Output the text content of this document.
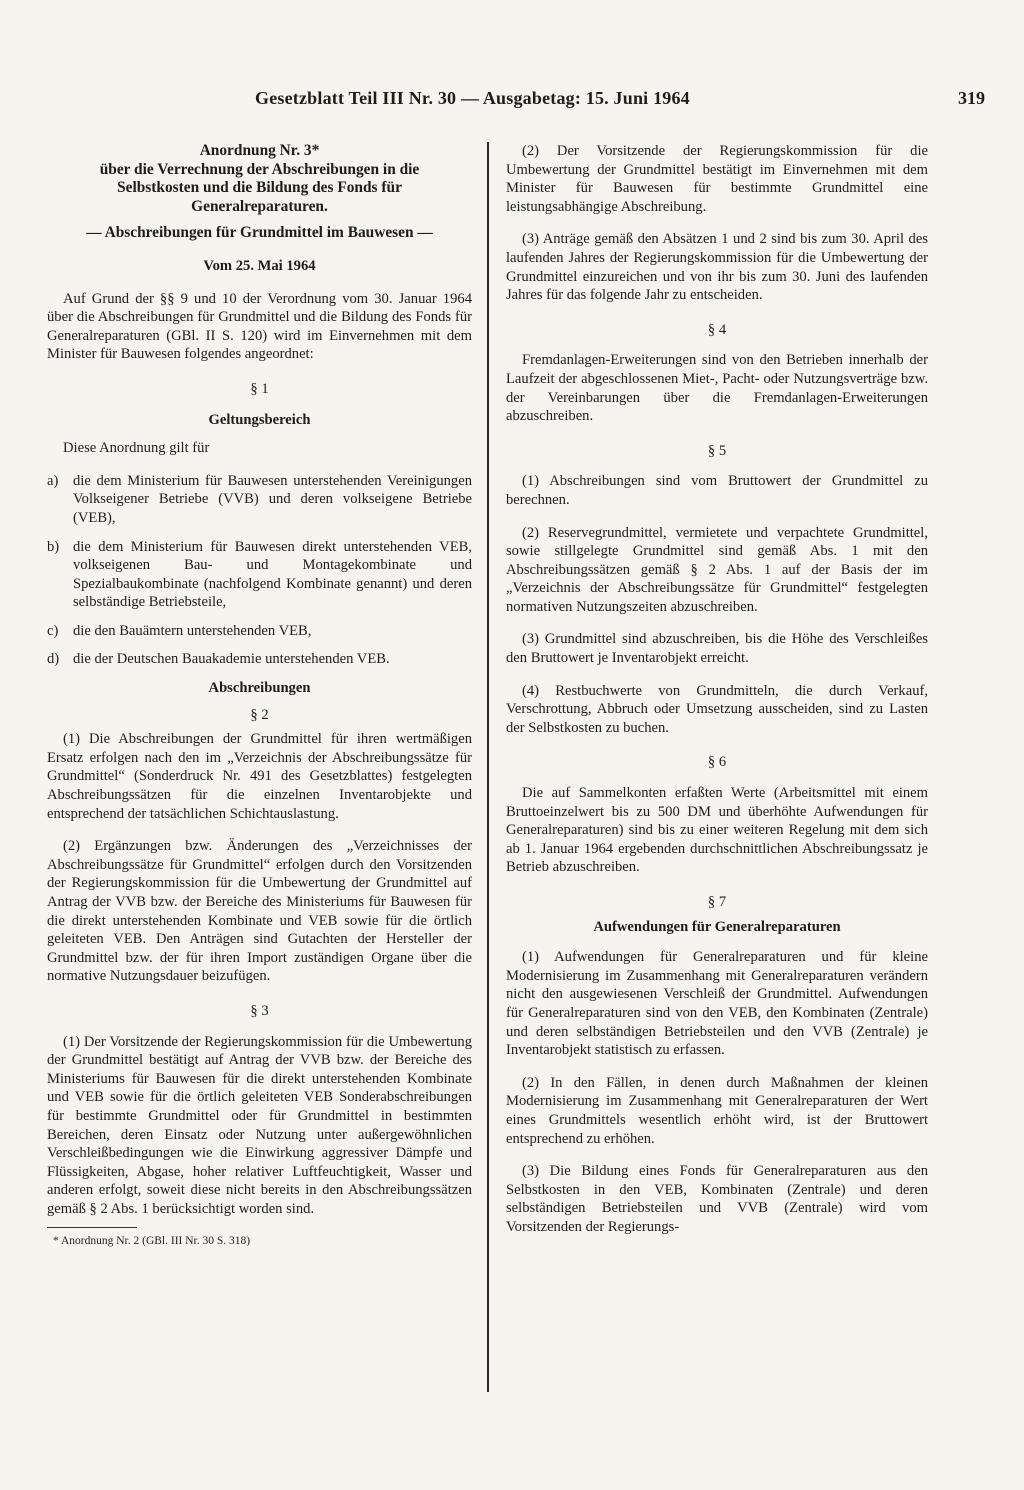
Gesetzblatt Teil III Nr. 30 — Ausgabetag: 15. Juni 1964	319

Anordnung Nr. 3*

über die Verrechnung der Abschreibungen in die Selbstkosten und die Bildung des Fonds für Generalreparaturen.

— Abschreibungen für Grundmittel im Bauwesen —

Vom 25. Mai 1964

Auf Grund der §§ 9 und 10 der Verordnung vom 30. Januar 1964 über die Abschreibungen für Grundmittel und die Bildung des Fonds für Generalreparaturen (GBl. II S. 120) wird im Einvernehmen mit dem Minister für Bauwesen folgendes angeordnet:

§ 1

Geltungsbereich

Diese Anordnung gilt für

a)	die dem Ministerium für Bauwesen unterstehenden Vereinigungen Volkseigener Betriebe (VVB) und deren volkseigene Betriebe (VEB),
b) die dem Ministerium für Bauwesen direkt unterstehenden VEB, volkseigenen Bau- und Montagekombinate und Spezialbaukombinate (nachfolgend Kombinate genannt) und deren selbständige Betriebsteile,
c)	die den Bauämtern unterstehenden VEB,
d) die der Deutschen Bauakademie unterstehenden VEB.

Abschreibungen

§ 2

(1) Die Abschreibungen der Grundmittel für ihren wertmäßigen Ersatz erfolgen nach den im „Verzeichnis der Abschreibungssätze für Grundmittel“ (Sonderdruck Nr. 491 des Gesetzblattes) festgelegten Abschreibungssätzen für die einzelnen Inventarobjekte und entsprechend der tatsächlichen Schichtauslastung.

(2) Ergänzungen bzw. Änderungen des „Verzeichnisses der Abschreibungssätze für Grundmittel“ erfolgen durch den Vorsitzenden der Regierungskommission für die Umbewertung der Grundmittel auf Antrag der VVB bzw. der Bereiche des Ministeriums für Bauwesen für die direkt unterstehenden Kombinate und VEB sowie für die örtlich geleiteten VEB. Den Anträgen sind Gutachten der Hersteller der Grundmittel bzw. der für ihren Import zuständigen Organe über die normative Nutzungsdauer beizufügen.

§ 3

(1) Der Vorsitzende der Regierungskommission für die Umbewertung der Grundmittel bestätigt auf Antrag der VVB bzw. der Bereiche des Ministeriums für Bauwesen für die direkt unterstehenden Kombinate und VEB sowie für die örtlich geleiteten VEB Sonderabschreibungen für bestimmte Grundmittel oder für Grundmittel in bestimmten Bereichen, deren Einsatz oder Nutzung unter außergewöhnlichen Verschleißbedingungen wie die Einwirkung aggressiver Dämpfe und Flüssigkeiten, Abgase, hoher relativer Luftfeuchtigkeit, Wasser und anderen erfolgt, soweit diese nicht bereits in den Abschreibungssätzen gemäß § 2 Abs. 1 berücksichtigt worden sind.

* Anordnung Nr. 2 (GBl. III Nr. 30 S. 318)

(2) Der Vorsitzende der Regierungskommission für die Umbewertung der Grundmittel bestätigt im Einvernehmen mit dem Minister für Bauwesen für bestimmte Grundmittel eine leistungsabhängige Abschreibung.

(3) Anträge gemäß den Absätzen 1 und 2 sind bis zum 30. April des laufenden Jahres der Regierungskommission für die Umbewertung der Grundmittel einzureichen und von ihr bis zum 30. Juni des laufenden Jahres für das folgende Jahr zu entscheiden.

§ 4

Fremdanlagen-Erweiterungen sind von den Betrieben innerhalb der Laufzeit der abgeschlossenen Miet-, Pacht- oder Nutzungsverträge bzw. der Vereinbarungen über die Fremdanlagen-Erweiterungen abzuschreiben.

§ 5

(1) Abschreibungen sind vom Bruttowert der Grundmittel zu berechnen.

(2) Reservegrundmittel, vermietete und verpachtete Grundmittel, sowie stillgelegte Grundmittel sind gemäß Abs. 1 mit den Abschreibungssätzen gemäß § 2 Abs. 1 auf der Basis der im „Verzeichnis der Abschreibungssätze für Grundmittel“ festgelegten normativen Nutzungszeiten abzuschreiben.

(3) Grundmittel sind abzuschreiben, bis die Höhe des Verschleißes den Bruttowert je Inventarobjekt erreicht.

(4) Restbuchwerte von Grundmitteln, die durch Verkauf, Verschrottung, Abbruch oder Umsetzung ausscheiden, sind zu Lasten der Selbstkosten zu buchen.

§ 6

Die auf Sammelkonten erfaßten Werte (Arbeitsmittel mit einem Bruttoeinzelwert bis zu 500 DM und überhöhte Aufwendungen für Generalreparaturen) sind bis zu einer weiteren Regelung mit dem sich ab 1. Januar 1964 ergebenden durchschnittlichen Abschreibungssatz je Betrieb abzuschreiben.

§ 7

Aufwendungen für Generalreparaturen

(1) Aufwendungen für Generalreparaturen und für kleine Modernisierung im Zusammenhang mit Generalreparaturen verändern nicht den ausgewiesenen Verschleiß der Grundmittel. Aufwendungen für Generalreparaturen sind von den VEB, den Kombinaten (Zentrale) und deren selbständigen Betriebsteilen und den VVB (Zentrale) je Inventarobjekt statistisch zu erfassen.

(2) In den Fällen, in denen durch Maßnahmen der kleinen Modernisierung im Zusammenhang mit Generalreparaturen der Wert eines Grundmittels wesentlich erhöht wird, ist der Bruttowert entsprechend zu erhöhen.

(3) Die Bildung eines Fonds für Generalreparaturen aus den Selbstkosten in den VEB, Kombinaten (Zentrale) und deren selbständigen Betriebsteilen und VVB (Zentrale) wird vom Vorsitzenden der Regierungs-
